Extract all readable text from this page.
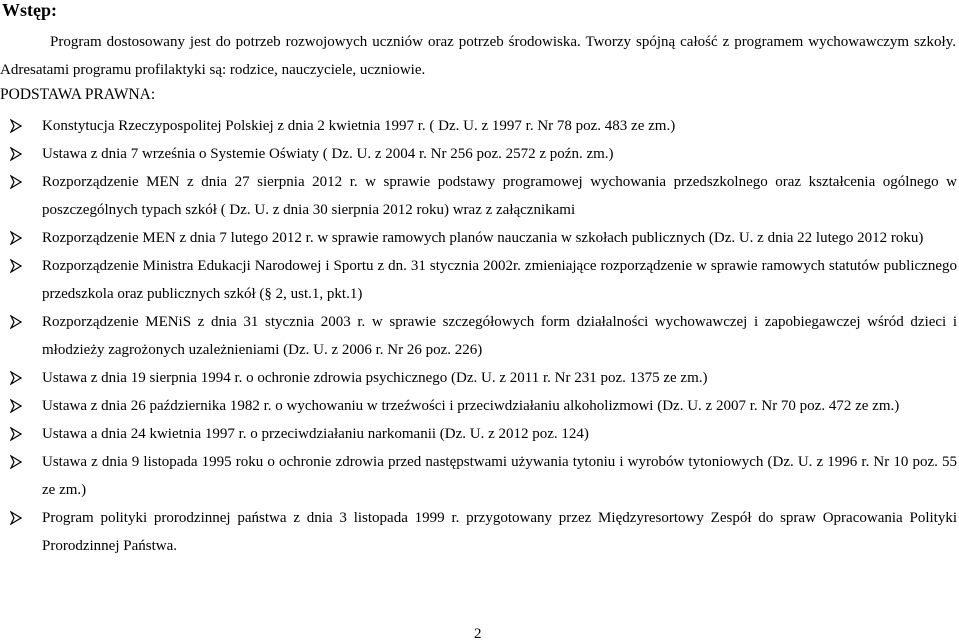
Wstęp:
Program dostosowany jest do potrzeb rozwojowych uczniów oraz potrzeb środowiska. Tworzy spójną całość z programem wychowawczym szkoły. Adresatami programu profilaktyki są: rodzice, nauczyciele, uczniowie.
PODSTAWA PRAWNA:
Konstytucja Rzeczypospolitej Polskiej z dnia 2 kwietnia 1997 r. ( Dz. U. z 1997 r. Nr 78 poz. 483 ze zm.)
Ustawa z dnia 7 września o Systemie Oświaty ( Dz. U. z 2004 r. Nr 256 poz. 2572 z poźn. zm.)
Rozporządzenie MEN z dnia 27 sierpnia 2012 r. w sprawie podstawy programowej wychowania przedszkolnego oraz kształcenia ogólnego w poszczególnych typach szkół ( Dz. U. z dnia 30 sierpnia 2012 roku) wraz z załącznikami
Rozporządzenie MEN z dnia 7 lutego 2012 r. w sprawie ramowych planów nauczania w szkołach publicznych (Dz. U. z dnia 22 lutego 2012 roku)
Rozporządzenie Ministra Edukacji Narodowej i Sportu z dn. 31 stycznia 2002r. zmieniające rozporządzenie w sprawie ramowych statutów publicznego przedszkola oraz publicznych szkół (§ 2, ust.1, pkt.1)
Rozporządzenie MENiS z dnia 31 stycznia 2003 r. w sprawie szczegółowych form działalności wychowawczej i zapobiegawczej wśród dzieci i młodzieży zagrożonych uzależnieniami (Dz. U. z 2006 r. Nr 26 poz. 226)
Ustawa z dnia 19 sierpnia 1994 r. o ochronie zdrowia psychicznego (Dz. U. z 2011 r. Nr 231 poz. 1375 ze zm.)
Ustawa z dnia 26 października 1982 r. o wychowaniu w trzeźwości i przeciwdziałaniu alkoholizmowi (Dz. U. z 2007 r. Nr 70 poz. 472 ze zm.)
Ustawa a dnia 24 kwietnia 1997 r. o przeciwdziałaniu narkomanii (Dz. U. z 2012 poz. 124)
Ustawa z dnia 9 listopada 1995 roku o ochronie zdrowia przed następstwami używania tytoniu i wyrobów tytoniowych (Dz. U. z 1996 r. Nr 10 poz. 55 ze zm.)
Program polityki prorodzinnej państwa z dnia 3 listopada 1999 r. przygotowany przez Międzyresortowy Zespół do spraw Opracowania Polityki Prorodzinnej Państwa.
2
